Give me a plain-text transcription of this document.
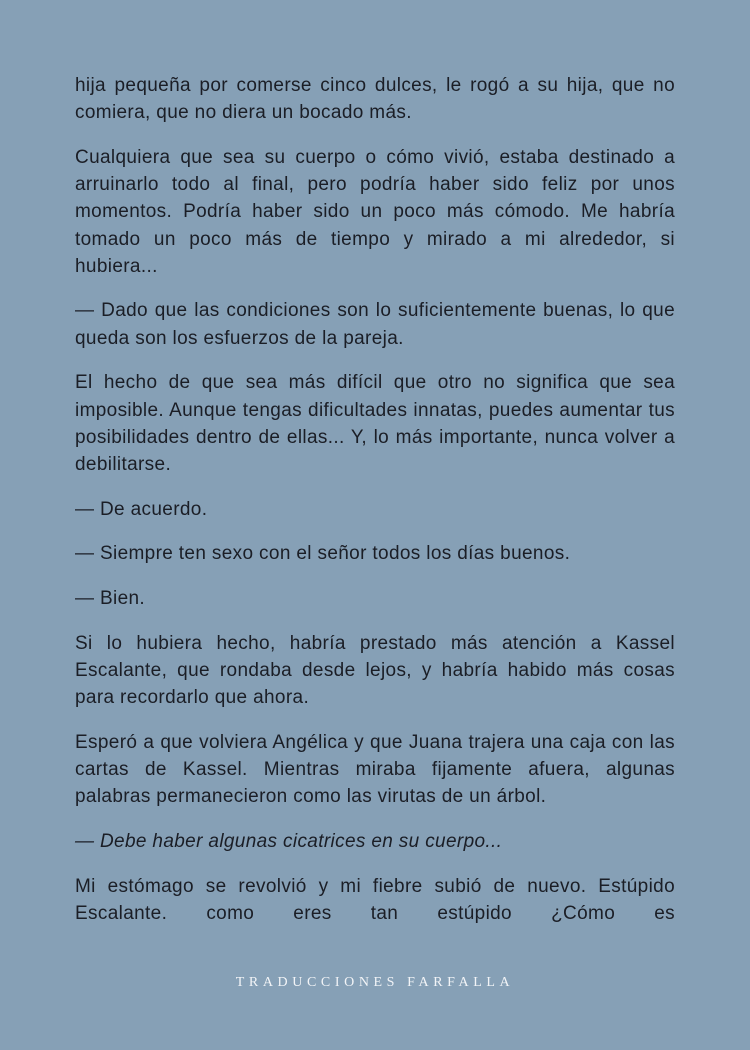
hija pequeña por comerse cinco dulces, le rogó a su hija, que no comiera, que no diera un bocado más.

Cualquiera que sea su cuerpo o cómo vivió, estaba destinado a arruinarlo todo al final, pero podría haber sido feliz por unos momentos. Podría haber sido un poco más cómodo. Me habría tomado un poco más de tiempo y mirado a mi alrededor, si hubiera...

— Dado que las condiciones son lo suficientemente buenas, lo que queda son los esfuerzos de la pareja.

El hecho de que sea más difícil que otro no significa que sea imposible. Aunque tengas dificultades innatas, puedes aumentar tus posibilidades dentro de ellas... Y, lo más importante, nunca volver a debilitarse.

— De acuerdo.

— Siempre ten sexo con el señor todos los días buenos.

— Bien.

Si lo hubiera hecho, habría prestado más atención a Kassel Escalante, que rondaba desde lejos, y habría habido más cosas para recordarlo que ahora.

Esperó a que volviera Angélica y que Juana trajera una caja con las cartas de Kassel. Mientras miraba fijamente afuera, algunas palabras permanecieron como las virutas de un árbol.

— Debe haber algunas cicatrices en su cuerpo...

Mi estómago se revolvió y mi fiebre subió de nuevo. Estúpido Escalante. como eres tan estúpido ¿Cómo es

TRADUCCIONES FARFALLA
